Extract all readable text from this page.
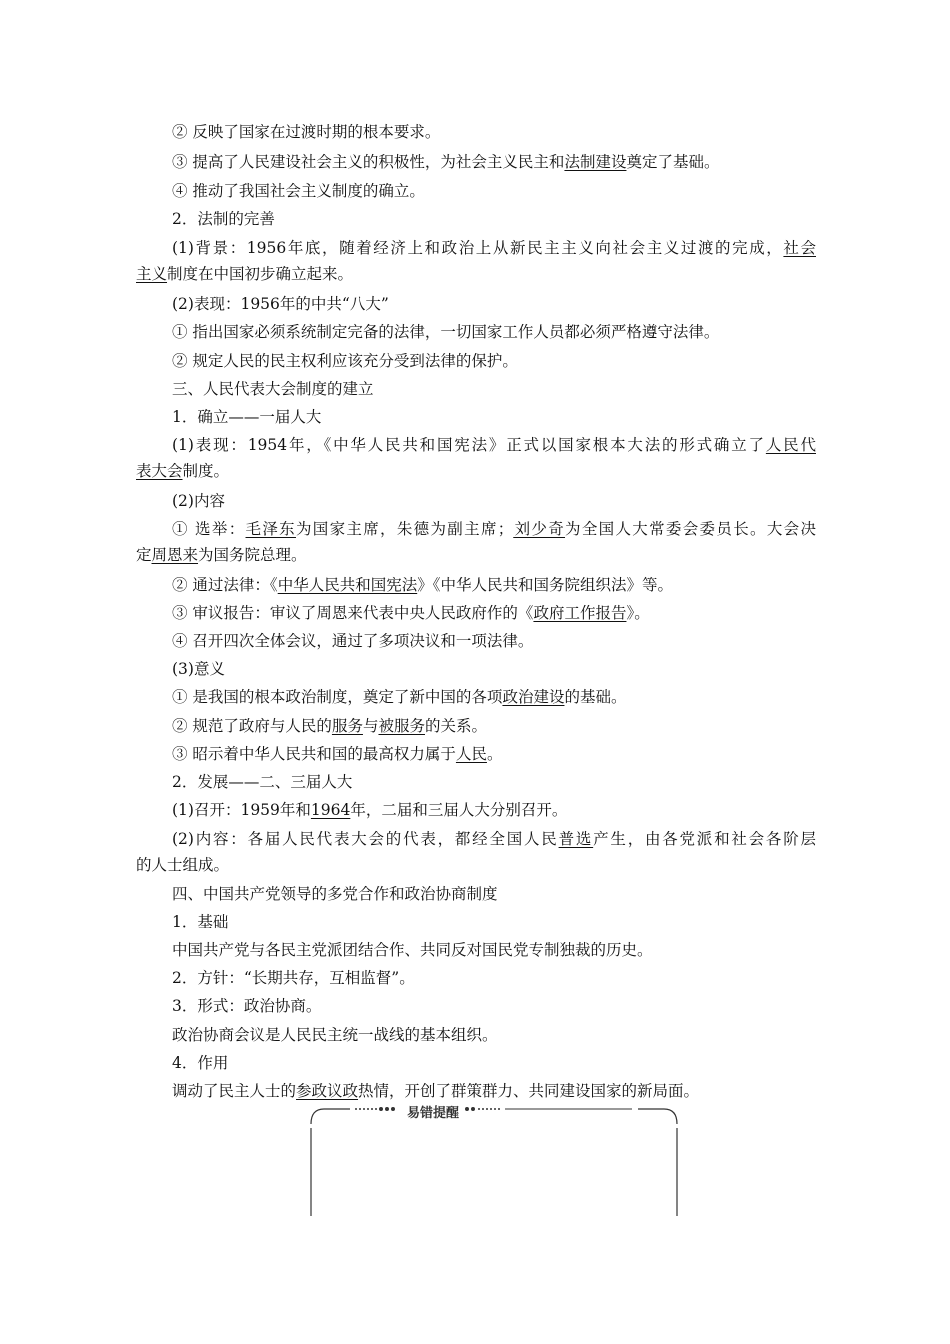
② 反映了国家在过渡时期的根本要求。
③ 提高了人民建设社会主义的积极性，为社会主义民主和法制建设奠定了基础。
④ 推动了我国社会主义制度的确立。
2．法制的完善
(1)背景：1956年底，随着经济上和政治上从新民主主义向社会主义过渡的完成，社会
主义制度在中国初步确立起来。
(2)表现：1956年的中共“八大”
① 指出国家必须系统制定完备的法律，一切国家工作人员都必须严格遵守法律。
② 规定人民的民主权利应该充分受到法律的保护。
三、人民代表大会制度的建立
1．确立——一届人大
(1)表现：1954年，《中华人民共和国宪法》正式以国家根本大法的形式确立了人民代
表大会制度。
(2)内容
① 选举：毛泽东为国家主席，朱德为副主席；刘少奇为全国人大常委会委员长。大会决
定周恩来为国务院总理。
② 通过法律：《中华人民共和国宪法》《中华人民共和国务院组织法》等。
③ 审议报告：审议了周恩来代表中央人民政府作的《政府工作报告》。
④ 召开四次全体会议，通过了多项决议和一项法律。
(3)意义
① 是我国的根本政治制度，奠定了新中国的各项政治建设的基础。
② 规范了政府与人民的服务与被服务的关系。
③ 昭示着中华人民共和国的最高权力属于人民。
2．发展——二、三届人大
(1)召开：1959年和1964年，二届和三届人大分别召开。
(2)内容：各届人民代表大会的代表，都经全国人民普选产生，由各党派和社会各阶层
的人士组成。
四、中国共产党领导的多党合作和政治协商制度
1．基础
中国共产党与各民主党派团结合作、共同反对国民党专制独裁的历史。
2．方针：“长期共存，互相监督”。
3．形式：政治协商。
政治协商会议是人民民主统一战线的基本组织。
4．作用
调动了民主人士的参政议政热情，开创了群策群力、共同建设国家的新局面。
易错提醒
